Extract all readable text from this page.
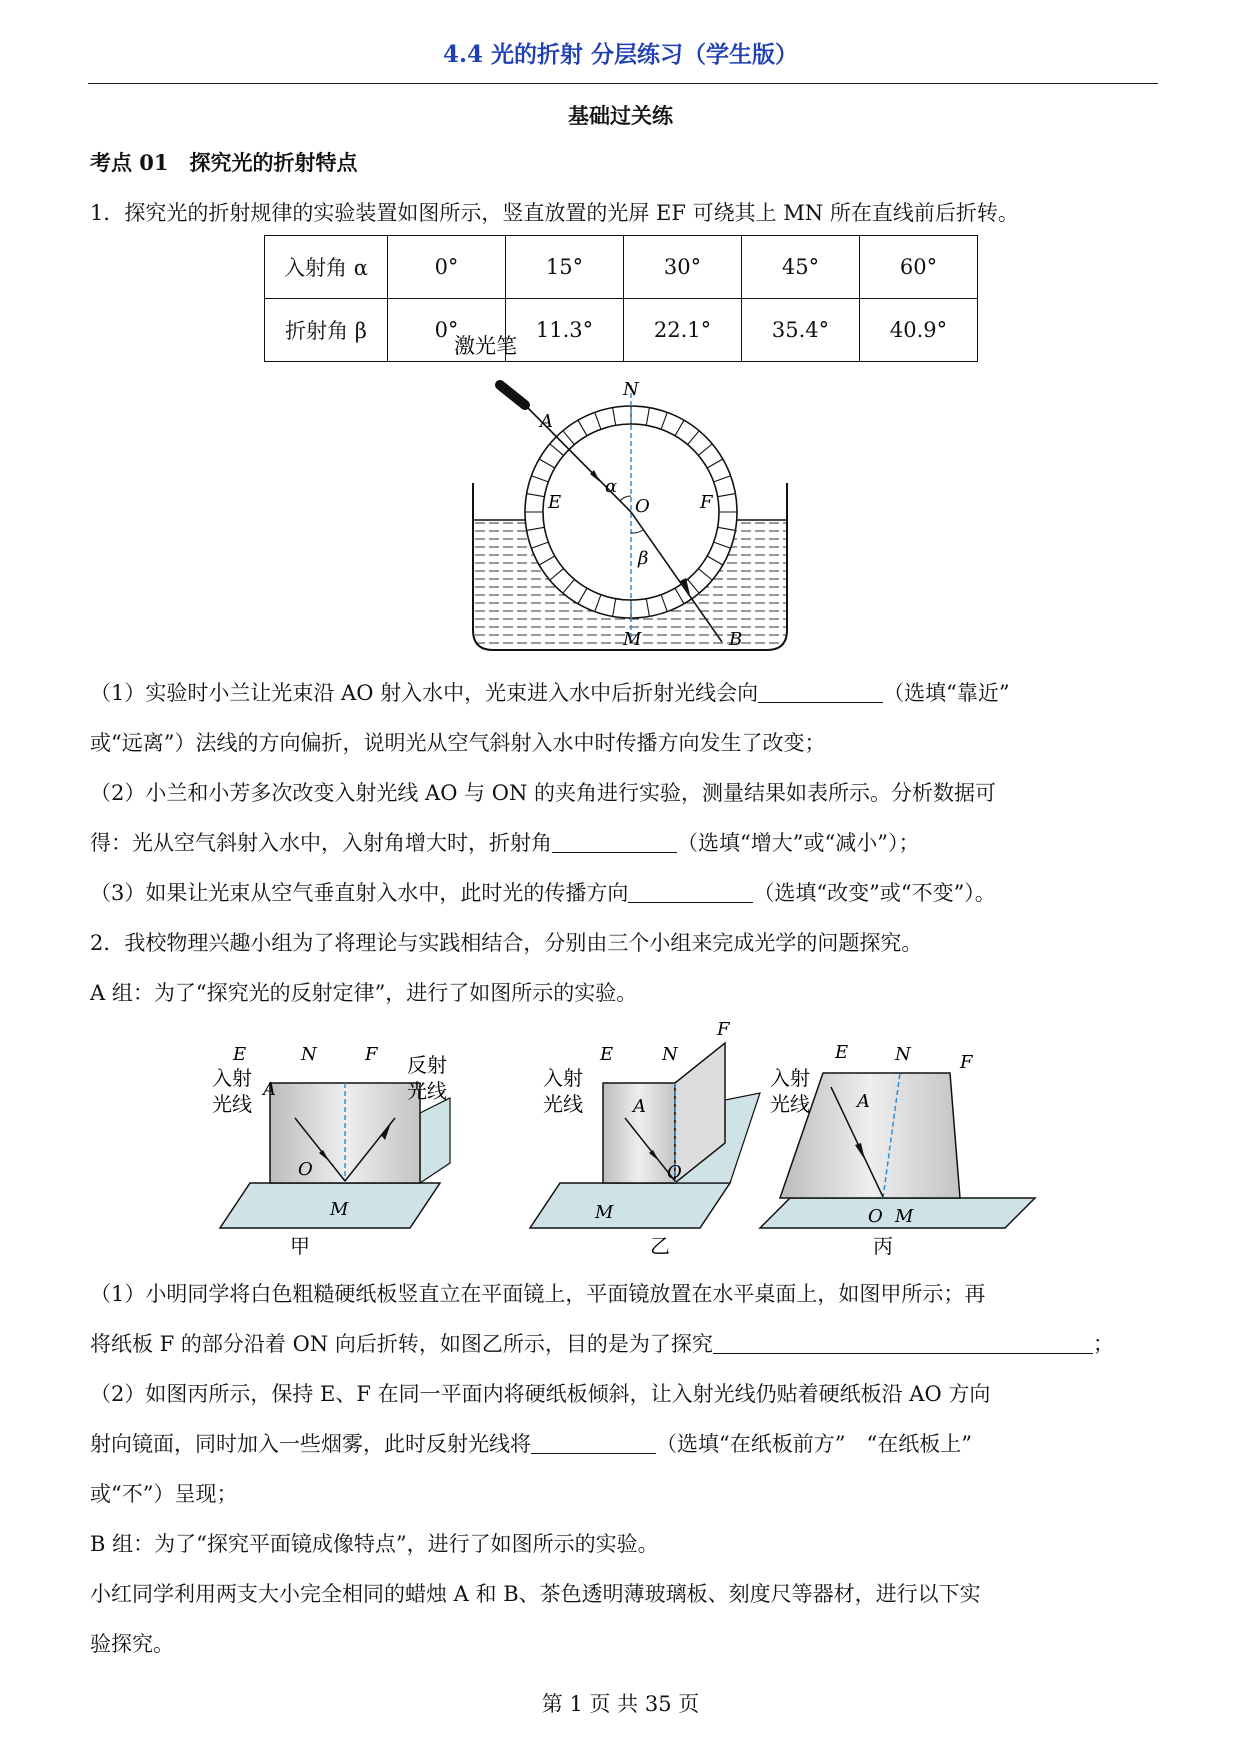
4.4 光的折射 分层练习（学生版）
基础过关练
考点 01　探究光的折射特点
1．探究光的折射规律的实验装置如图所示，竖直放置的光屏 EF 可绕其上 MN 所在直线前后折转。
入射角 α	0°	15°	30°	45°	60°
折射角 β	0°	11.3°	22.1°	35.4°	40.9°
激光笔
A
N
α
E	O	F
β
M	B
（1）实验时小兰让光束沿 AO 射入水中，光束进入水中后折射光线会向	（选填“靠近”
或“远离”）法线的方向偏折，说明光从空气斜射入水中时传播方向发生了改变；
（2）小兰和小芳多次改变入射光线 AO 与 ON 的夹角进行实验，测量结果如表所示。分析数据可
得：光从空气斜射入水中，入射角增大时，折射角	（选填“增大”或“减小”）；
（3）如果让光束从空气垂直射入水中，此时光的传播方向	（选填“改变”或“不变”）。
2．我校物理兴趣小组为了将理论与实践相结合，分别由三个小组来完成光学的问题探究。
A 组：为了“探究光的反射定律”，进行了如图所示的实验。
E	N	F
A
O
M
入射
光线
反射
光线
甲
E	N
F
A
O
M
入射
光线
乙
E	N	F
A
O M
入射
光线
丙
（1）小明同学将白色粗糙硬纸板竖直立在平面镜上，平面镜放置在水平桌面上，如图甲所示；再
将纸板 F 的部分沿着 ON 向后折转，如图乙所示，目的是为了探究	；
（2）如图丙所示，保持 E、F 在同一平面内将硬纸板倾斜，让入射光线仍贴着硬纸板沿 AO 方向
射向镜面，同时加入一些烟雾，此时反射光线将	（选填“在纸板前方”　“在纸板上”
或“不”）呈现；
B 组：为了“探究平面镜成像特点”，进行了如图所示的实验。
小红同学利用两支大小完全相同的蜡烛 A 和 B、茶色透明薄玻璃板、刻度尺等器材，进行以下实
验探究。
第 1 页 共 35 页
